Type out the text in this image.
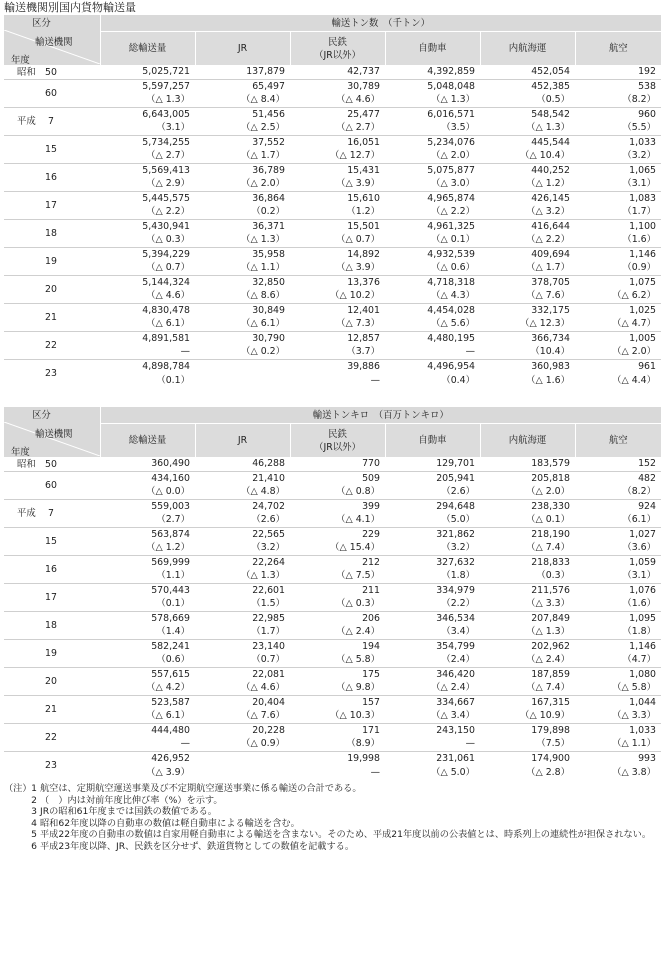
輸送機関別国内貨物輸送量
区分
輸送機関
年度	輸送トン数　（千トン）					
	総輸送量	JR	民鉄
（JR以外）	自動車	内航海運	航空
昭和 50	5,025,721	137,879	42,737	4,392,859	452,054	192
60	5,597,257	65,497	30,789	5,048,048	452,385	538
	（△ 1.3）	（△ 8.4）	（△ 4.6）	（△ 1.3）	（0.5）	（8.2）
平成 7	6,643,005	51,456	25,477	6,016,571	548,542	960
	（3.1）	（△ 2.5）	（△ 2.7）	（3.5）	（△ 1.3）	（5.5）
15	5,734,255	37,552	16,051	5,234,076	445,544	1,033
	（△ 2.7）	（△ 1.7）	（△ 12.7）	（△ 2.0）	（△ 10.4）	（3.2）
16	5,569,413	36,789	15,431	5,075,877	440,252	1,065
	（△ 2.9）	（△ 2.0）	（△ 3.9）	（△ 3.0）	（△ 1.2）	（3.1）
17	5,445,575	36,864	15,610	4,965,874	426,145	1,083
	（△ 2.2）	（0.2）	（1.2）	（△ 2.2）	（△ 3.2）	（1.7）
18	5,430,941	36,371	15,501	4,961,325	416,644	1,100
	（△ 0.3）	（△ 1.3）	（△ 0.7）	（△ 0.1）	（△ 2.2）	（1.6）
19	5,394,229	35,958	14,892	4,932,539	409,694	1,146
	（△ 0.7）	（△ 1.1）	（△ 3.9）	（△ 0.6）	（△ 1.7）	（0.9）
20	5,144,324	32,850	13,376	4,718,318	378,705	1,075
	（△ 4.6）	（△ 8.6）	（△ 10.2）	（△ 4.3）	（△ 7.6）	（△ 6.2）
21	4,830,478	30,849	12,401	4,454,028	332,175	1,025
	（△ 6.1）	（△ 6.1）	（△ 7.3）	（△ 5.6）	（△ 12.3）	（△ 4.7）
22	4,891,581	30,790	12,857	4,480,195	366,734	1,005
	—	（△ 0.2）	（3.7）	—	（10.4）	（△ 2.0）
23	4,898,784		39,886	4,496,954	360,983	961
	（0.1）		—	（0.4）	（△ 1.6）	（△ 4.4）
区分
輸送機関
年度	輸送トンキロ　（百万トンキロ）					
	総輸送量	JR	民鉄
（JR以外）	自動車	内航海運	航空
昭和 50	360,490	46,288	770	129,701	183,579	152
60	434,160	21,410	509	205,941	205,818	482
	（△ 0.0）	（△ 4.8）	（△ 0.8）	（2.6）	（△ 2.0）	（8.2）
平成 7	559,003	24,702	399	294,648	238,330	924
	（2.7）	（2.6）	（△ 4.1）	（5.0）	（△ 0.1）	（6.1）
15	563,874	22,565	229	321,862	218,190	1,027
	（△ 1.2）	（3.2）	（△ 15.4）	（3.2）	（△ 7.4）	（3.6）
16	569,999	22,264	212	327,632	218,833	1,059
	（1.1）	（△ 1.3）	（△ 7.5）	（1.8）	（0.3）	（3.1）
17	570,443	22,601	211	334,979	211,576	1,076
	（0.1）	（1.5）	（△ 0.3）	（2.2）	（△ 3.3）	（1.6）
18	578,669	22,985	206	346,534	207,849	1,095
	（1.4）	（1.7）	（△ 2.4）	（3.4）	（△ 1.3）	（1.8）
19	582,241	23,140	194	354,799	202,962	1,146
	（0.6）	（0.7）	（△ 5.8）	（2.4）	（△ 2.4）	（4.7）
20	557,615	22,081	175	346,420	187,859	1,080
	（△ 4.2）	（△ 4.6）	（△ 9.8）	（△ 2.4）	（△ 7.4）	（△ 5.8）
21	523,587	20,404	157	334,667	167,315	1,044
	（△ 6.1）	（△ 7.6）	（△ 10.3）	（△ 3.4）	（△ 10.9）	（△ 3.3）
22	444,480	20,228	171	243,150	179,898	1,033
	—	（△ 0.9）	（8.9）	—	（7.5）	（△ 1.1）
23	426,952		19,998	231,061	174,900	993
	（△ 3.9）		—	（△ 5.0）	（△ 2.8）	（△ 3.8）
（注） 1 航空は、定期航空運送事業及び不定期航空運送事業に係る輸送の合計である。
2 （　）内は対前年度比伸び率（%）を示す。
3 JRの昭和61年度までは国鉄の数値である。
4 昭和62年度以降の自動車の数値は軽自動車による輸送を含む。
5 平成22年度の自動車の数値は自家用軽自動車による輸送を含まない。そのため、平成21年度以前の公表値とは、時系列上の連続性が担保されない。
6 平成23年度以降、JR、民鉄を区分せず、鉄道貨物としての数値を記載する。
